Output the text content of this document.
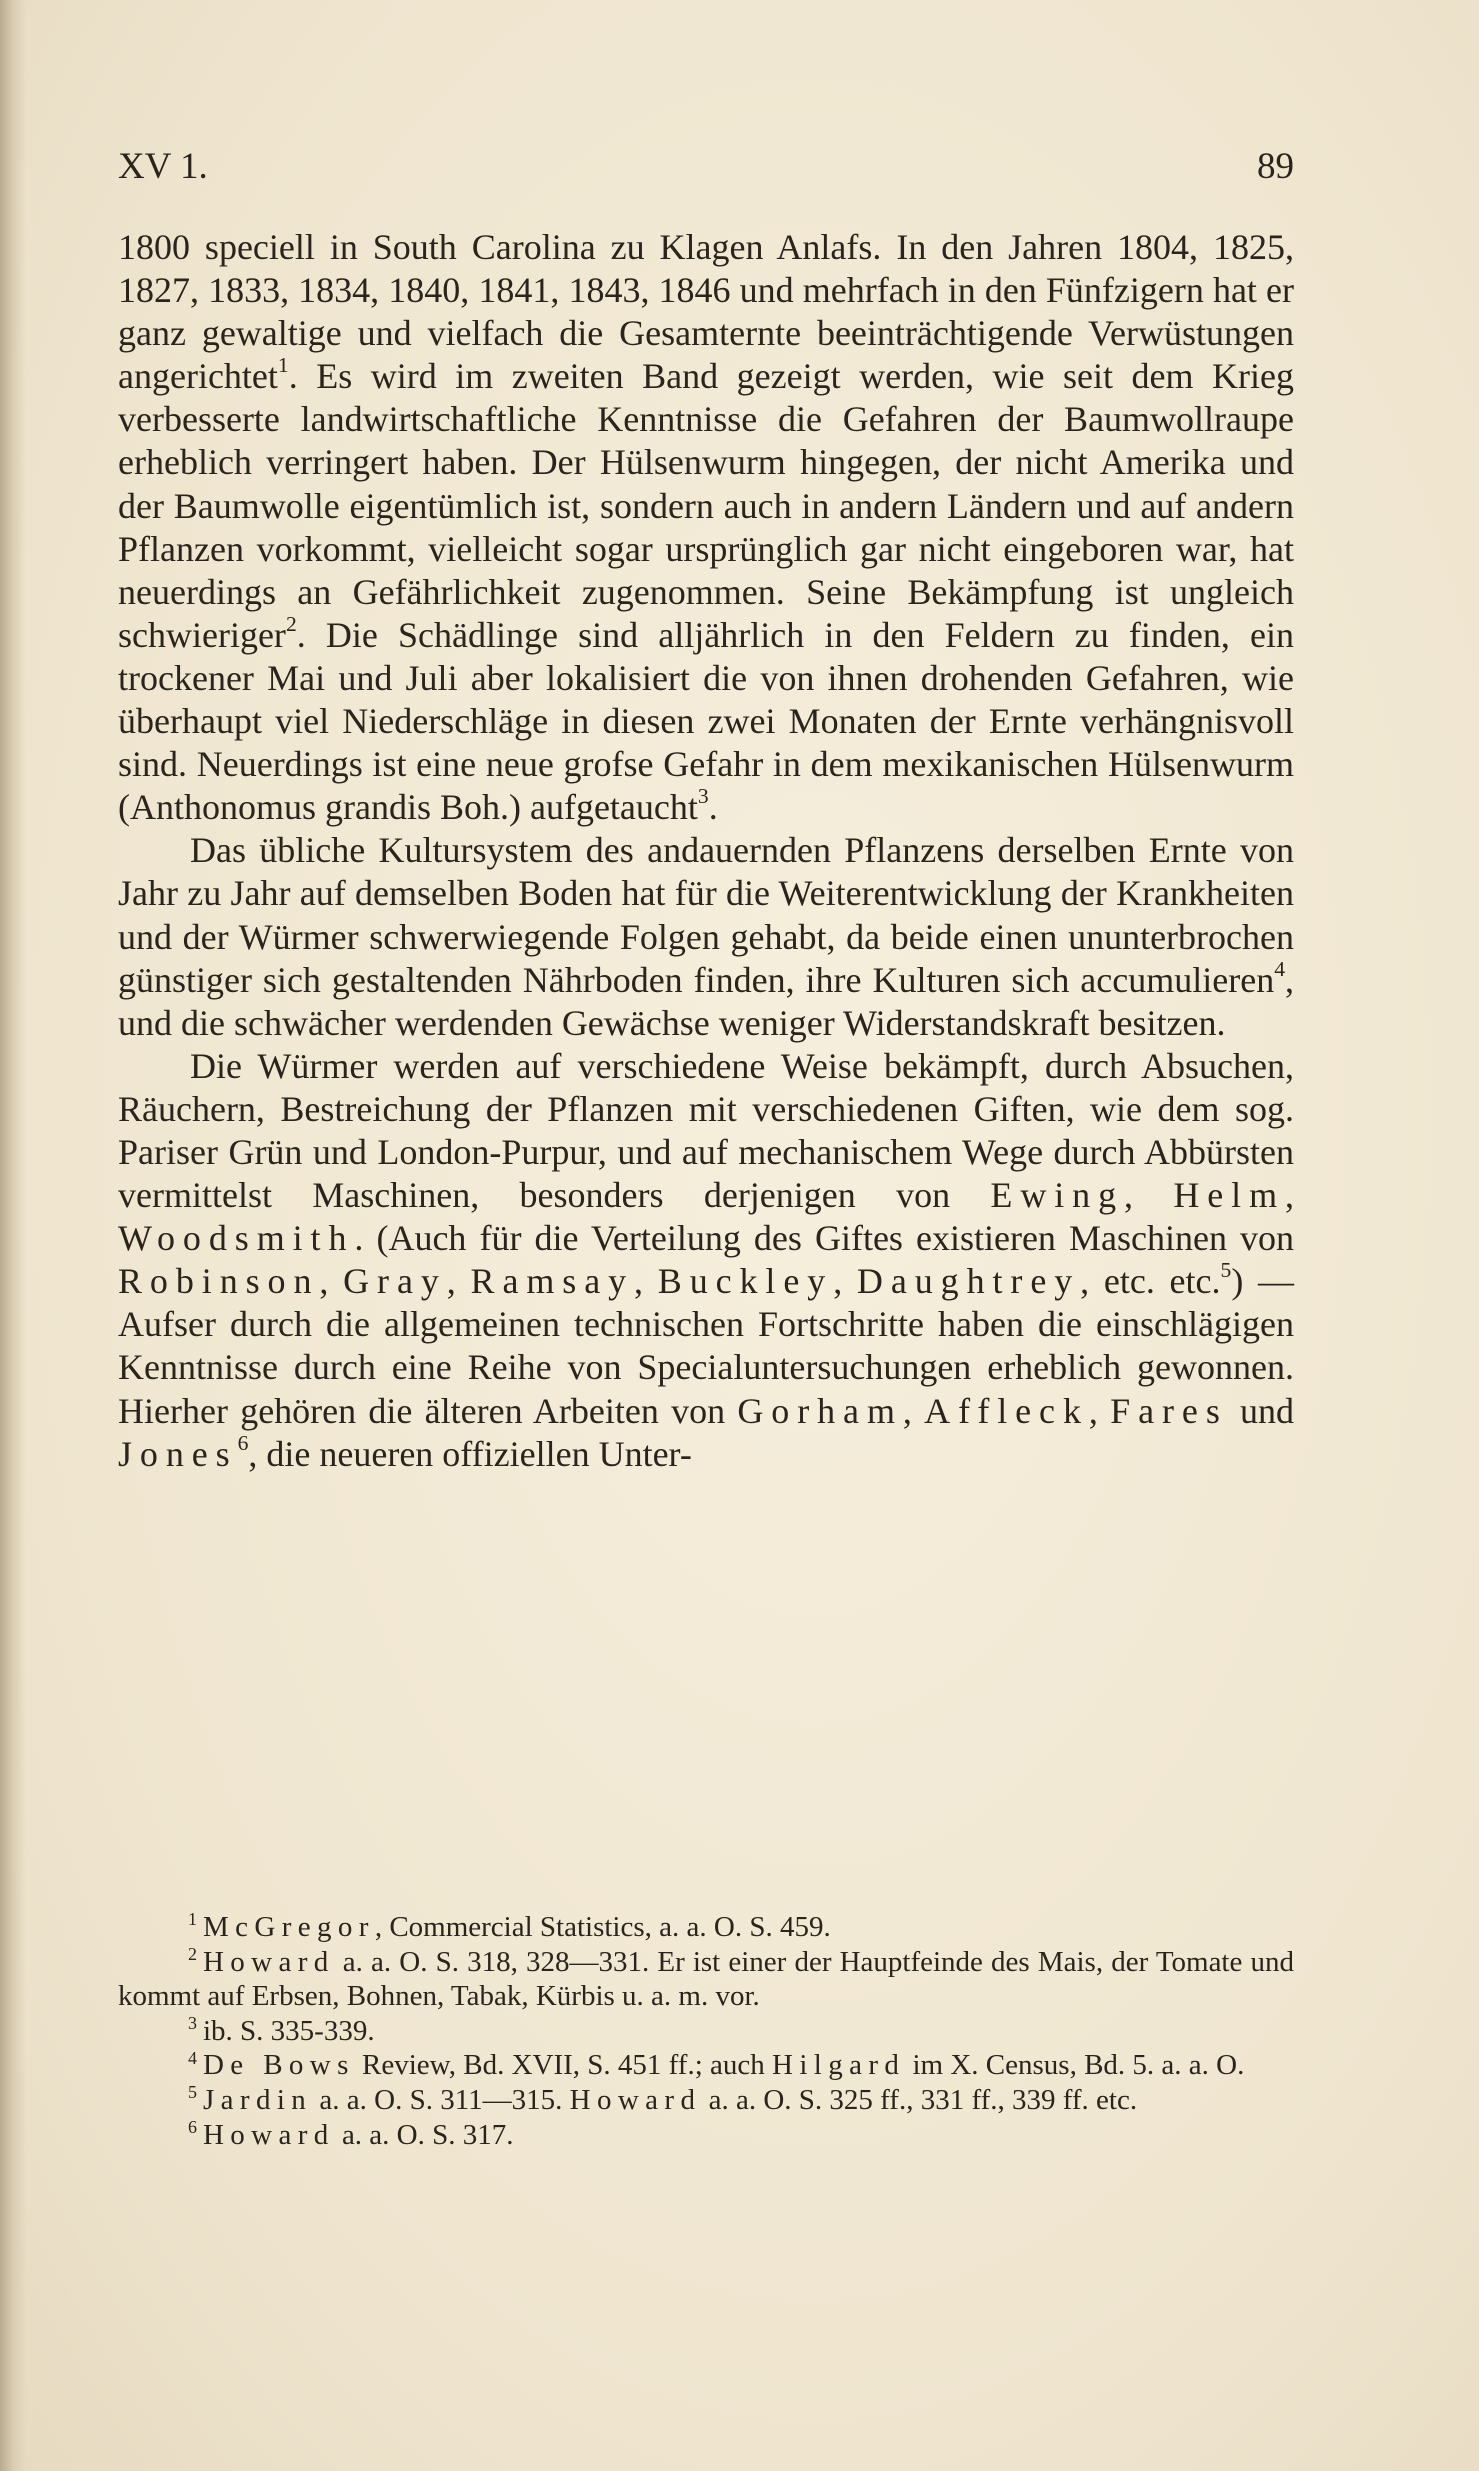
XV 1.	89

1800 speciell in South Carolina zu Klagen Anlafs. In den Jahren 1804, 1825, 1827, 1833, 1834, 1840, 1841, 1843, 1846 und mehrfach in den Fünfzigern hat er ganz gewaltige und vielfach die Gesamternte beeinträchtigende Verwüstungen angerichtet$^1$. Es wird im zweiten Band gezeigt werden, wie seit dem Krieg verbesserte landwirtschaftliche Kenntnisse die Gefahren der Baumwollraupe erheblich verringert haben. Der Hülsenwurm hingegen, der nicht Amerika und der Baumwolle eigentümlich ist, sondern auch in andern Ländern und auf andern Pflanzen vorkommt, vielleicht sogar ursprünglich gar nicht eingeboren war, hat neuerdings an Gefährlichkeit zugenommen. Seine Bekämpfung ist ungleich schwieriger$^2$. Die Schädlinge sind alljährlich in den Feldern zu finden, ein trockener Mai und Juli aber lokalisiert die von ihnen drohenden Gefahren, wie überhaupt viel Niederschläge in diesen zwei Monaten der Ernte verhängnisvoll sind. Neuerdings ist eine neue grofse Gefahr in dem mexikanischen Hülsenwurm (Anthonomus grandis Boh.) aufgetaucht$^3$.

Das übliche Kultursystem des andauernden Pflanzens derselben Ernte von Jahr zu Jahr auf demselben Boden hat für die Weiterentwicklung der Krankheiten und der Würmer schwerwiegende Folgen gehabt, da beide einen ununterbrochen günstiger sich gestaltenden Nährboden finden, ihre Kulturen sich accumulieren$^4$, und die schwächer werdenden Gewächse weniger Widerstandskraft besitzen.

Die Würmer werden auf verschiedene Weise bekämpft, durch Absuchen, Räuchern, Bestreichung der Pflanzen mit verschiedenen Giften, wie dem sog. Pariser Grün und London-Purpur, und auf mechanischem Wege durch Abbürsten vermittelst Maschinen, besonders derjenigen von Ewing, Helm, Woodsmith. (Auch für die Verteilung des Giftes existieren Maschinen von Robinson, Gray, Ramsay, Buckley, Daughtrey, etc. etc.$^5$) — Aufser durch die allgemeinen technischen Fortschritte haben die einschlägigen Kenntnisse durch eine Reihe von Specialuntersuchungen erheblich gewonnen. Hierher gehören die älteren Arbeiten von Gorham, Affleck, Fares und Jones$^6$, die neueren offiziellen Unter-

$^1$ McGregor, Commercial Statistics, a. a. O. S. 459.

$^2$ Howard a. a. O. S. 318, 328—331. Er ist einer der Hauptfeinde des Mais, der Tomate und kommt auf Erbsen, Bohnen, Tabak, Kürbis u. a. m. vor.

$^3$ ib. S. 335-339.

$^4$ De Bows Review, Bd. XVII, S. 451 ff.; auch Hilgard im X. Census, Bd. 5. a. a. O.

$^5$ Jardin a. a. O. S. 311—315. Howard a. a. O. S. 325 ff., 331 ff., 339 ff. etc.

$^6$ Howard a. a. O. S. 317.
